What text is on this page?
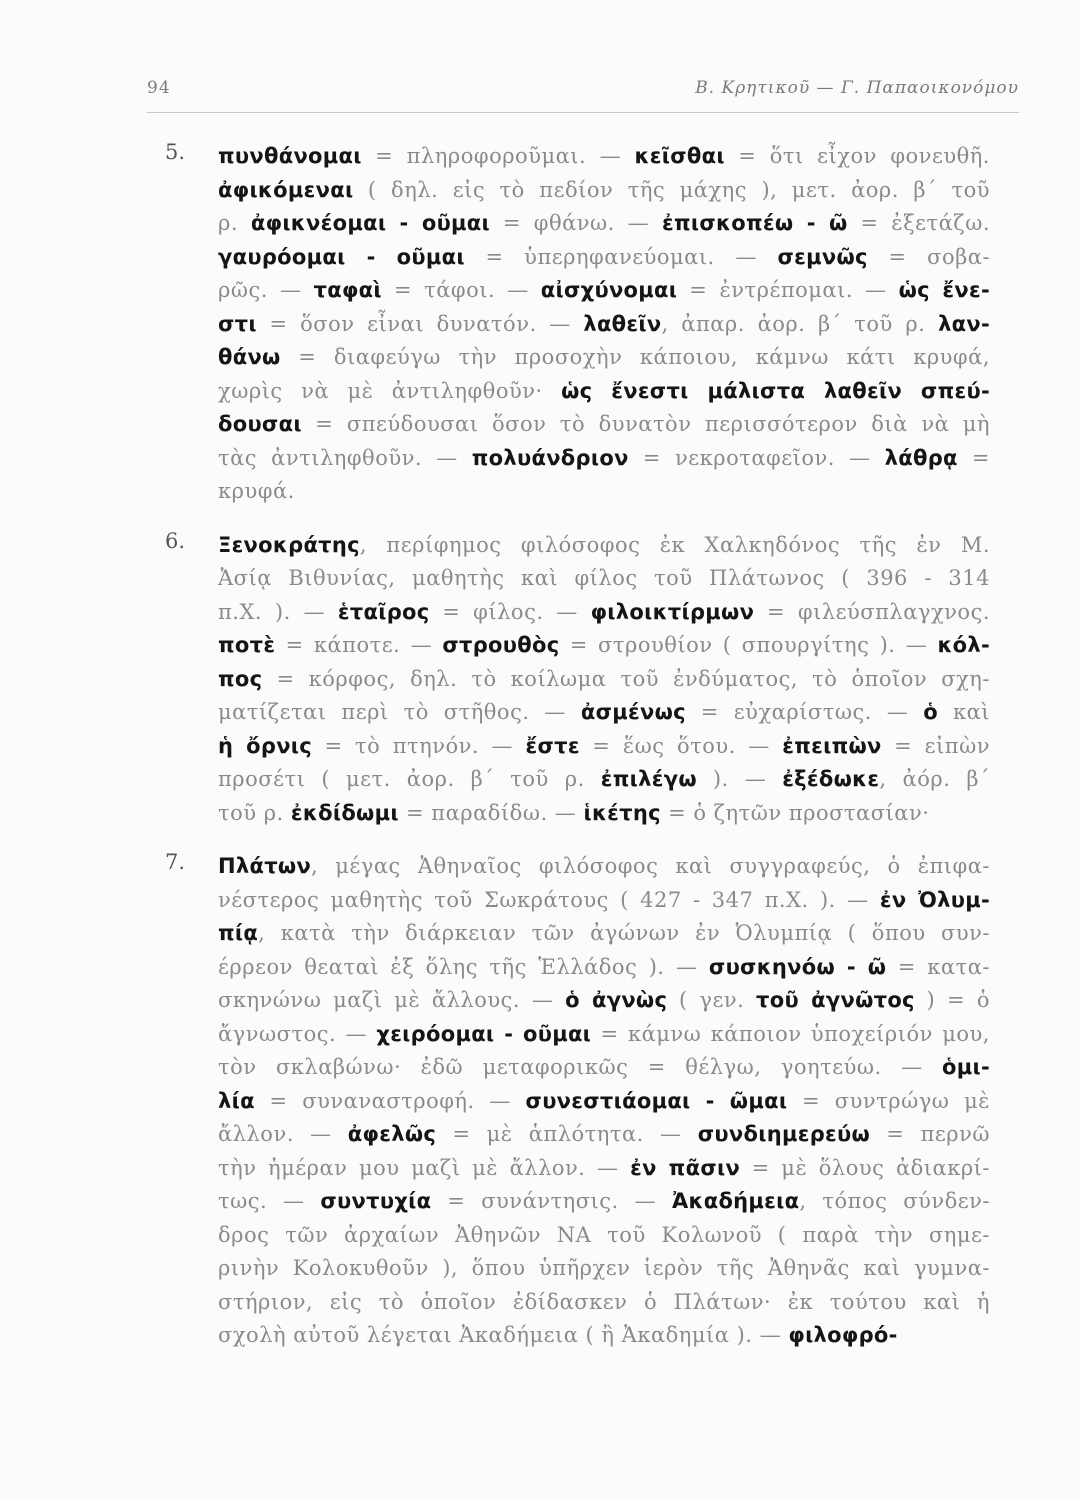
94	Β. Κρητικοῦ — Γ. Παπαοικονόμου
5. πυνθάνομαι = πληροφοροῦμαι. — κεῖσθαι = ὅτι εἶχον φονευθῆ.
ἀφικόμεναι ( δηλ. εἰς τὸ πεδίον τῆς μάχης ), μετ. ἀορ. β΄ τοῦ
ρ. ἀφικνέομαι - οῦμαι = φθάνω. — ἐπισκοπέω - ῶ = ἐξετάζω.
γαυρόομαι - οῦμαι = ὑπερηφανεύομαι. — σεμνῶς = σοβα-
ρῶς. — ταφαὶ = τάφοι. — αἰσχύνομαι = ἐντρέπομαι. — ὡς ἔνε-
στι = ὅσον εἶναι δυνατόν. — λαθεῖν, ἀπαρ. ἀορ. β΄ τοῦ ρ. λαν-
θάνω = διαφεύγω τὴν προσοχὴν κάποιου, κάμνω κάτι κρυφά,
χωρὶς νὰ μὲ ἀντιληφθοῦν· ὡς ἔνεστι μάλιστα λαθεῖν σπεύ-
δουσαι = σπεύδουσαι ὅσον τὸ δυνατὸν περισσότερον διὰ νὰ μὴ
τὰς ἀντιληφθοῦν. — πολυάνδριον = νεκροταφεῖον. — λάθρᾳ =
κρυφά.
6. Ξενοκράτης, περίφημος φιλόσοφος ἐκ Χαλκηδόνος τῆς ἐν Μ.
Ἀσίᾳ Βιθυνίας, μαθητὴς καὶ φίλος τοῦ Πλάτωνος ( 396 - 314
π.Χ. ). — ἑταῖρος = φίλος. — φιλοικτίρμων = φιλεύσπλαγχνος.
ποτὲ = κάποτε. — στρουθὸς = στρουθίον ( σπουργίτης ). — κόλ-
πος = κόρφος, δηλ. τὸ κοίλωμα τοῦ ἐνδύματος, τὸ ὁποῖον σχη-
ματίζεται περὶ τὸ στῆθος. — ἀσμένως = εὐχαρίστως. — ὁ καὶ
ἡ ὄρνις = τὸ πτηνόν. — ἔστε = ἕως ὅτου. — ἐπειπὼν = εἰπὼν
προσέτι ( μετ. ἀορ. β΄ τοῦ ρ. ἐπιλέγω ). — ἐξέδωκε, ἀόρ. β΄
τοῦ ρ. ἐκδίδωμι = παραδίδω. — ἱκέτης = ὁ ζητῶν προστασίαν·
7. Πλάτων, μέγας Ἀθηναῖος φιλόσοφος καὶ συγγραφεύς, ὁ ἐπιφα-
νέστερος μαθητὴς τοῦ Σωκράτους ( 427 - 347 π.Χ. ). — ἐν Ὀλυμ-
πίᾳ, κατὰ τὴν διάρκειαν τῶν ἀγώνων ἐν Ὀλυμπίᾳ ( ὅπου συν-
έρρεον θεαταὶ ἐξ ὅλης τῆς Ἑλλάδος ). — συσκηνόω - ῶ = κατα-
σκηνώνω μαζὶ μὲ ἄλλους. — ὁ ἀγνὼς ( γεν. τοῦ ἀγνῶτος ) = ὁ
ἄγνωστος. — χειρόομαι - οῦμαι = κάμνω κάποιον ὑποχείριόν μου,
τὸν σκλαβώνω· ἐδῶ μεταφορικῶς = θέλγω, γοητεύω. — ὁμι-
λία = συναναστροφή. — συνεστιάομαι - ῶμαι = συντρώγω μὲ
ἄλλον. — ἀφελῶς = μὲ ἁπλότητα. — συνδιημερεύω = περνῶ
τὴν ἡμέραν μου μαζὶ μὲ ἄλλον. — ἐν πᾶσιν = μὲ ὅλους ἀδιακρί-
τως. — συντυχία = συνάντησις. — Ἀκαδήμεια, τόπος σύνδεν-
δρος τῶν ἀρχαίων Ἀθηνῶν ΝΑ τοῦ Κολωνοῦ ( παρὰ τὴν σημε-
ρινὴν Κολοκυθοῦν ), ὅπου ὑπῆρχεν ἱερὸν τῆς Ἀθηνᾶς καὶ γυμνα-
στήριον, εἰς τὸ ὁποῖον ἐδίδασκεν ὁ Πλάτων· ἐκ τούτου καὶ ἡ
σχολὴ αὐτοῦ λέγεται Ἀκαδήμεια ( ἢ Ἀκαδημία ). — φιλοφρό-
